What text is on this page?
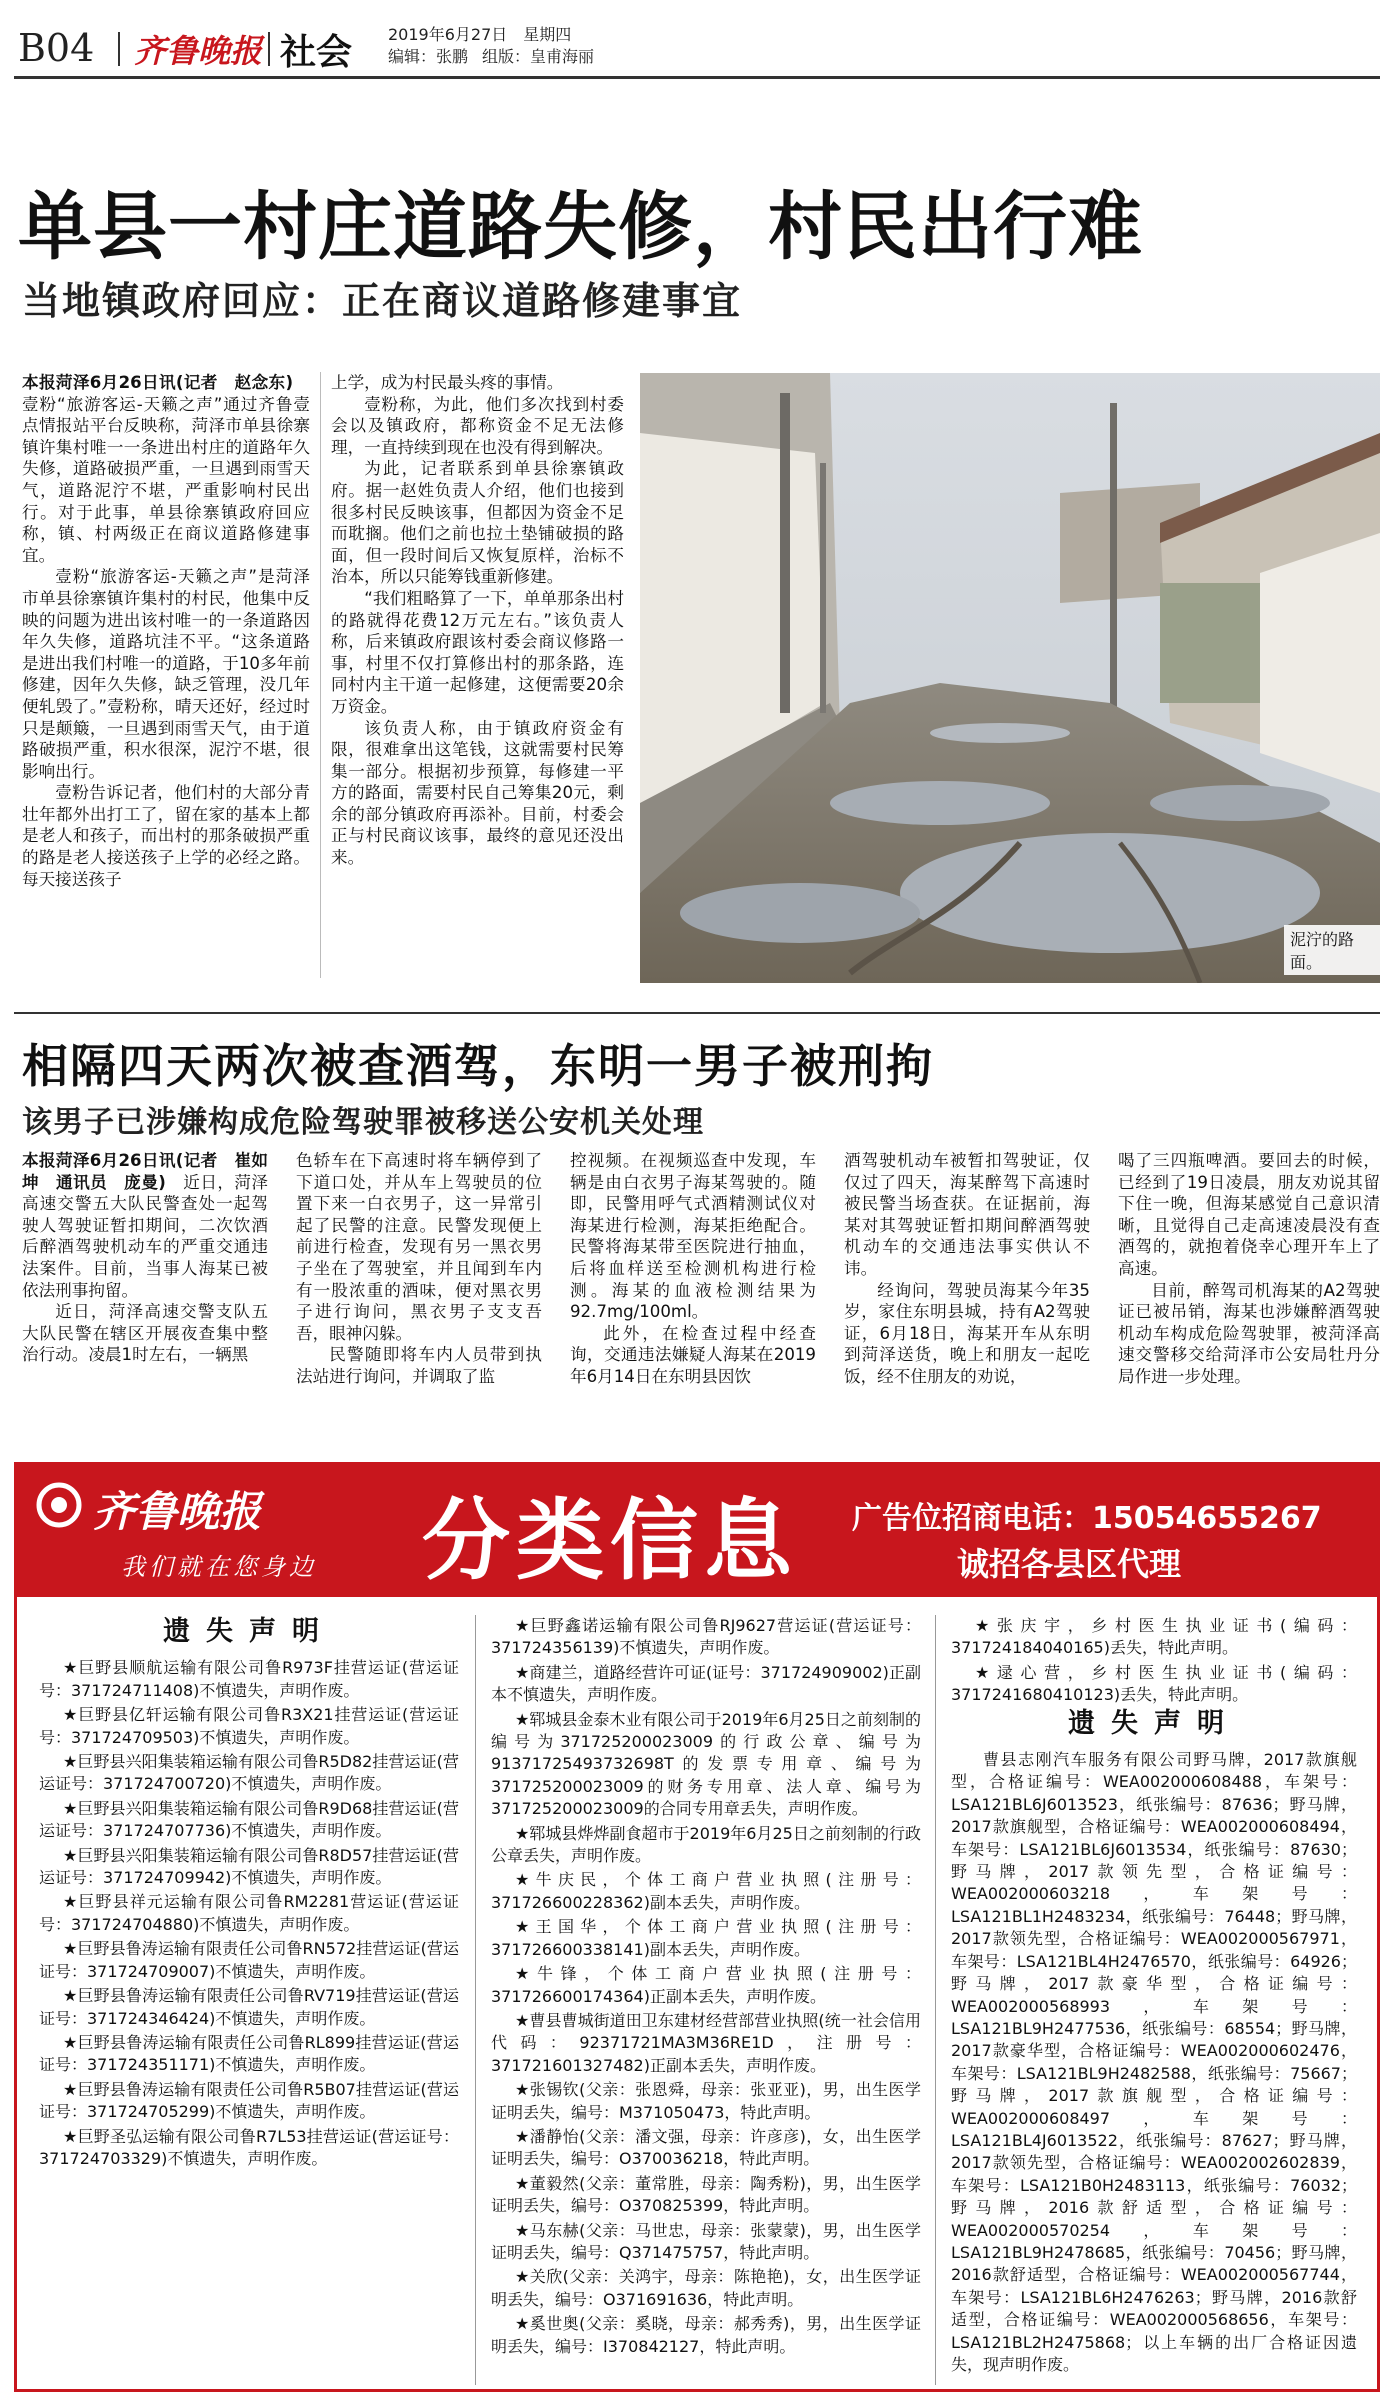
B04 齐鲁晚报 社会 2019年6月27日　星期四
编辑：张鹏 组版：皇甫海丽
单县一村庄道路失修，村民出行难
当地镇政府回应：正在商议道路修建事宜

本报菏泽6月26日讯(记者　赵念东)　壹粉“旅游客运-天籁之声”通过齐鲁壹点情报站平台反映称，菏泽市单县徐寨镇许集村唯一一条进出村庄的道路年久失修，道路破损严重，一旦遇到雨雪天气，道路泥泞不堪，严重影响村民出行。对于此事，单县徐寨镇政府回应称，镇、村两级正在商议道路修建事宜。

壹粉“旅游客运-天籁之声”是菏泽市单县徐寨镇许集村的村民，他集中反映的问题为进出该村唯一的一条道路因年久失修，道路坑洼不平。“这条道路是进出我们村唯一的道路，于10多年前修建，因年久失修，缺乏管理，没几年便轧毁了。”壹粉称，晴天还好，经过时只是颠簸，一旦遇到雨雪天气，由于道路破损严重，积水很深，泥泞不堪，很影响出行。

壹粉告诉记者，他们村的大部分青壮年都外出打工了，留在家的基本上都是老人和孩子，而出村的那条破损严重的路是老人接送孩子上学的必经之路。每天接送孩子

上学，成为村民最头疼的事情。

壹粉称，为此，他们多次找到村委会以及镇政府，都称资金不足无法修理，一直持续到现在也没有得到解决。

为此，记者联系到单县徐寨镇政府。据一赵姓负责人介绍，他们也接到很多村民反映该事，但都因为资金不足而耽搁。他们之前也拉土垫铺破损的路面，但一段时间后又恢复原样，治标不治本，所以只能筹钱重新修建。

“我们粗略算了一下，单单那条出村的路就得花费12万元左右。”该负责人称，后来镇政府跟该村委会商议修路一事，村里不仅打算修出村的那条路，连同村内主干道一起修建，这便需要20余万资金。

该负责人称，由于镇政府资金有限，很难拿出这笔钱，这就需要村民筹集一部分。根据初步预算，每修建一平方的路面，需要村民自己筹集20元，剩余的部分镇政府再添补。目前，村委会正与村民商议该事，最终的意见还没出来。

泥泞的路面。
相隔四天两次被查酒驾，东明一男子被刑拘
该男子已涉嫌构成危险驾驶罪被移送公安机关处理

本报菏泽6月26日讯(记者　崔如坤　通讯员　庞曼)　近日，菏泽高速交警五大队民警查处一起驾驶人驾驶证暂扣期间，二次饮酒后醉酒驾驶机动车的严重交通违法案件。目前，当事人海某已被依法刑事拘留。

近日，菏泽高速交警支队五大队民警在辖区开展夜查集中整治行动。凌晨1时左右，一辆黑

色轿车在下高速时将车辆停到了下道口处，并从车上驾驶员的位置下来一白衣男子，这一异常引起了民警的注意。民警发现便上前进行检查，发现有另一黑衣男子坐在了驾驶室，并且闻到车内有一股浓重的酒味，便对黑衣男子进行询问，黑衣男子支支吾吾，眼神闪躲。

民警随即将车内人员带到执法站进行询问，并调取了监

控视频。在视频巡查中发现，车辆是由白衣男子海某驾驶的。随即，民警用呼气式酒精测试仪对海某进行检测，海某拒绝配合。民警将海某带至医院进行抽血，后将血样送至检测机构进行检测。海某的血液检测结果为92.7mg/100ml。

此外，在检查过程中经查询，交通违法嫌疑人海某在2019年6月14日在东明县因饮

酒驾驶机动车被暂扣驾驶证，仅仅过了四天，海某醉驾下高速时被民警当场查获。在证据前，海某对其驾驶证暂扣期间醉酒驾驶机动车的交通违法事实供认不讳。

经询问，驾驶员海某今年35岁，家住东明县城，持有A2驾驶证，6月18日，海某开车从东明到菏泽送货，晚上和朋友一起吃饭，经不住朋友的劝说，

喝了三四瓶啤酒。要回去的时候，已经到了19日凌晨，朋友劝说其留下住一晚，但海某感觉自己意识清晰，且觉得自己走高速凌晨没有查酒驾的，就抱着侥幸心理开车上了高速。

目前，醉驾司机海某的A2驾驶证已被吊销，海某也涉嫌醉酒驾驶机动车构成危险驾驶罪，被菏泽高速交警移交给菏泽市公安局牡丹分局作进一步处理。

齐鲁晚报
我们就在您身边 分类信息 广告位招商电话：15054655267
诚招各县区代理
遗失声明

★巨野县顺航运输有限公司鲁R973F挂营运证(营运证号：371724711408)不慎遗失，声明作废。

★巨野县亿轩运输有限公司鲁R3X21挂营运证(营运证号：371724709503)不慎遗失，声明作废。

★巨野县兴阳集装箱运输有限公司鲁R5D82挂营运证(营运证号：371724700720)不慎遗失，声明作废。

★巨野县兴阳集装箱运输有限公司鲁R9D68挂营运证(营运证号：371724707736)不慎遗失，声明作废。

★巨野县兴阳集装箱运输有限公司鲁R8D57挂营运证(营运证号：371724709942)不慎遗失，声明作废。

★巨野县祥元运输有限公司鲁RM2281营运证(营运证号：371724704880)不慎遗失，声明作废。

★巨野县鲁涛运输有限责任公司鲁RN572挂营运证(营运证号：371724709007)不慎遗失，声明作废。

★巨野县鲁涛运输有限责任公司鲁RV719挂营运证(营运证号：371724346424)不慎遗失，声明作废。

★巨野县鲁涛运输有限责任公司鲁RL899挂营运证(营运证号：371724351171)不慎遗失，声明作废。

★巨野县鲁涛运输有限责任公司鲁R5B07挂营运证(营运证号：371724705299)不慎遗失，声明作废。

★巨野圣弘运输有限公司鲁R7L53挂营运证(营运证号：371724703329)不慎遗失，声明作废。

★巨野鑫诺运输有限公司鲁RJ9627营运证(营运证号：371724356139)不慎遗失，声明作废。

★商建兰，道路经营许可证(证号：371724909002)正副本不慎遗失，声明作废。

★郓城县金泰木业有限公司于2019年6月25日之前刻制的编号为371725200023009的行政公章、编号为91371725493732698T的发票专用章、编号为371725200023009的财务专用章、法人章、编号为371725200023009的合同专用章丢失，声明作废。

★郓城县烨烨副食超市于2019年6月25日之前刻制的行政公章丢失，声明作废。

★牛庆民，个体工商户营业执照(注册号：371726600228362)副本丢失，声明作废。

★王国华，个体工商户营业执照(注册号：371726600338141)副本丢失，声明作废。

★牛锋，个体工商户营业执照(注册号：371726600174364)正副本丢失，声明作废。

★曹县曹城街道田卫东建材经营部营业执照(统一社会信用代码：92371721MA3M36RE1D，注册号：371721601327482)正副本丢失，声明作废。

★张锡钦(父亲：张恩舜，母亲：张亚亚)，男，出生医学证明丢失，编号：M371050473，特此声明。

★潘静怡(父亲：潘文强，母亲：许彦彦)，女，出生医学证明丢失，编号：O370036218，特此声明。

★董毅然(父亲：董常胜，母亲：陶秀粉)，男，出生医学证明丢失，编号：O370825399，特此声明。

★马东赫(父亲：马世忠，母亲：张蒙蒙)，男，出生医学证明丢失，编号：Q371475757，特此声明。

★关欣(父亲：关鸿宇，母亲：陈艳艳)，女，出生医学证明丢失，编号：O371691636，特此声明。

★奚世奥(父亲：奚晓，母亲：郝秀秀)，男，出生医学证明丢失，编号：I370842127，特此声明。

★张庆宇，乡村医生执业证书(编码：371724184040165)丢失，特此声明。

★逯心营，乡村医生执业证书(编码：371724168041012​3)丢失，特此声明。

遗失声明

曹县志刚汽车服务有限公司野马牌，2017款旗舰型，合格证编号：WEA002000608488，车架号：LSA121BL6J6013523，纸张编号：87636；野马牌，2017款旗舰型，合格证编号：WEA002000608494，车架号：LSA121BL6J6013534，纸张编号：87630；野马牌，2017款领先型，合格证编号：WEA002000603218，车架号：LSA121BL1H2483234，纸张编号：76448；野马牌，2017款领先型，合格证编号：WEA002000567971，车架号：LSA121BL4H2476570，纸张编号：64926；野马牌，2017款豪华型，合格证编号：WEA002000568993，车架号：LSA121BL9H2477536，纸张编号：68554；野马牌，2017款豪华型，合格证编号：WEA002000602476，车架号：LSA121BL9H2482588，纸张编号：75667；野马牌，2017款旗舰型，合格证编号：WEA002000608497，车架号：LSA121BL4J6013522，纸张编号：87627；野马牌，2017款领先型，合格证编号：WEA002002602839，车架号：LSA121B0H2483113，纸张编号：76032；野马牌，2016款舒适型，合格证编号：WEA002000570254，车架号：LSA121BL9H2478685，纸张编号：70456；野马牌，2016款舒适型，合格证编号：WEA002000567744，车架号：LSA121BL6H2476263；野马牌，2016款舒适型，合格证编号：WEA002000568656，车架号：LSA121BL2H2475868；以上车辆的出厂合格证因遗失，现声明作废。
